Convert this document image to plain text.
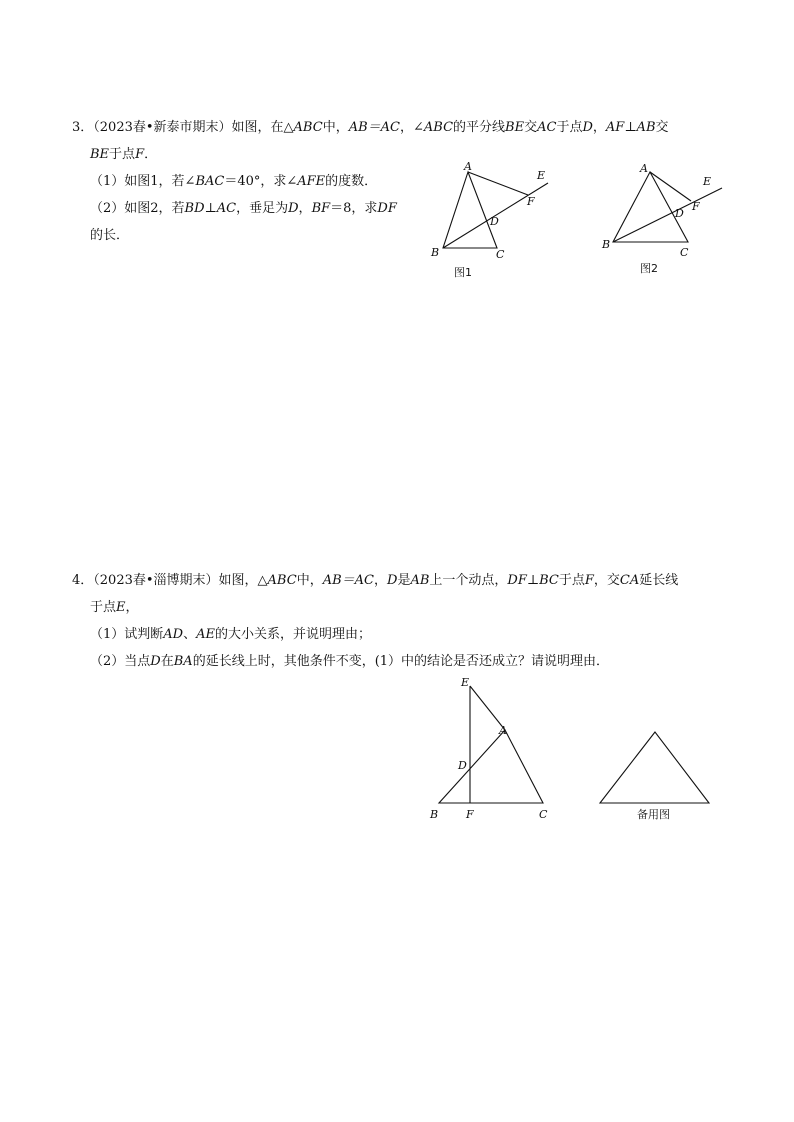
3．（2023春•新泰市期末）如图，在△ABC中，AB＝AC，∠ABC的平分线BE交AC于点D，AF⊥AB交
BE于点F．
（1）如图1，若∠BAC＝40°，求∠AFE的度数．
（2）如图2，若BD⊥AC，垂足为D，BF＝8，求DF
的长．
A
B	C
D
E
F
图1
A
B
C
D
E
F
图2
4．（2023春•淄博期末）如图，△ABC中，AB＝AC，D是AB上一个动点，DF⊥BC于点F，交CA延长线
于点E，
（1）试判断AD、AE的大小关系，并说明理由；
（2）当点D在BA的延长线上时，其他条件不变，(1）中的结论是否还成立？请说明理由．
E
A
D
B	F	C	备用图
